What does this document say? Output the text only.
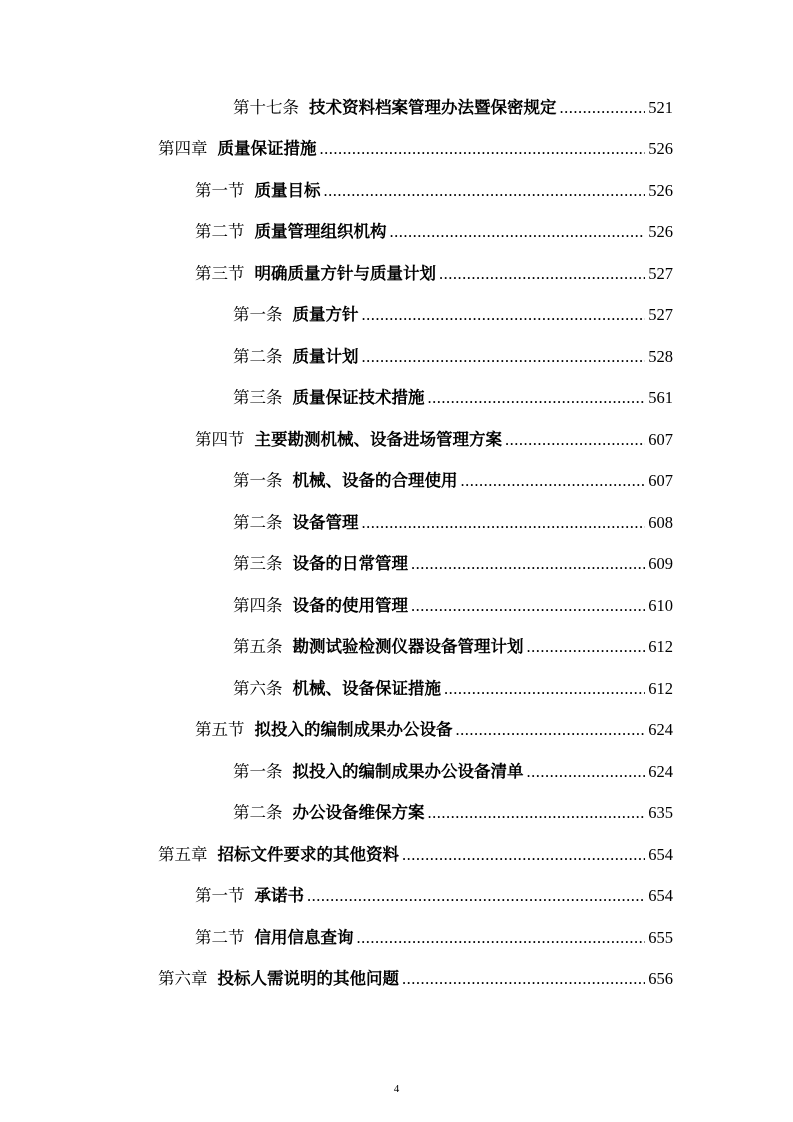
第十七条 技术资料档案管理办法暨保密规定 .....	521
第四章 质量保证措施 .....	526
第一节 质量目标 .....	526
第二节 质量管理组织机构 .....	526
第三节 明确质量方针与质量计划 .....	527
第一条 质量方针 .....	527
第二条 质量计划 .....	528
第三条 质量保证技术措施 .....	561
第四节 主要勘测机械、设备进场管理方案 .....	607
第一条 机械、设备的合理使用 .....	607
第二条 设备管理 .....	608
第三条 设备的日常管理 .....	609
第四条 设备的使用管理 .....	610
第五条 勘测试验检测仪器设备管理计划 .....	612
第六条 机械、设备保证措施 .....	612
第五节 拟投入的编制成果办公设备 .....	624
第一条 拟投入的编制成果办公设备清单 .....	624
第二条 办公设备维保方案 .....	635
第五章 招标文件要求的其他资料 .....	654
第一节 承诺书 .....	654
第二节 信用信息查询 .....	655
第六章 投标人需说明的其他问题 .....	656
4
